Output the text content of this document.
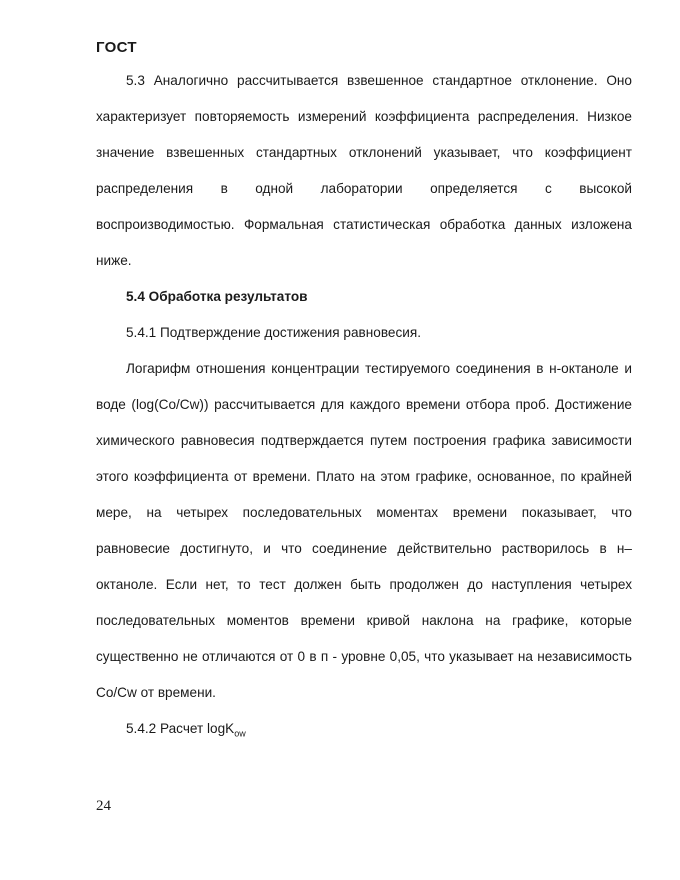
ГОСТ

5.3 Аналогично рассчитывается взвешенное стандартное отклонение. Оно характеризует повторяемость измерений коэффициента распределения. Низкое значение взвешенных стандартных отклонений указывает, что коэффициент распределения в одной лаборатории определяется с высокой воспроизводимостью. Формальная статистическая обработка данных изложена ниже.

5.4 Обработка результатов

5.4.1 Подтверждение достижения равновесия.

Логарифм отношения концентрации тестируемого соединения в н-октаноле и воде (log(Co/Cw)) рассчитывается для каждого времени отбора проб. Достижение химического равновесия подтверждается путем построения графика зависимости этого коэффициента от времени. Плато на этом графике, основанное, по крайней мере, на четырех последовательных моментах времени показывает, что равновесие достигнуто, и что соединение действительно растворилось в н–октаноле. Если нет, то тест должен быть продолжен до наступления четырех последовательных моментов времени кривой наклона на графике, которые существенно не отличаются от 0 в п - уровне 0,05, что указывает на независимость Co/Cw от времени.

5.4.2 Расчет logK$_{ow}$

24
